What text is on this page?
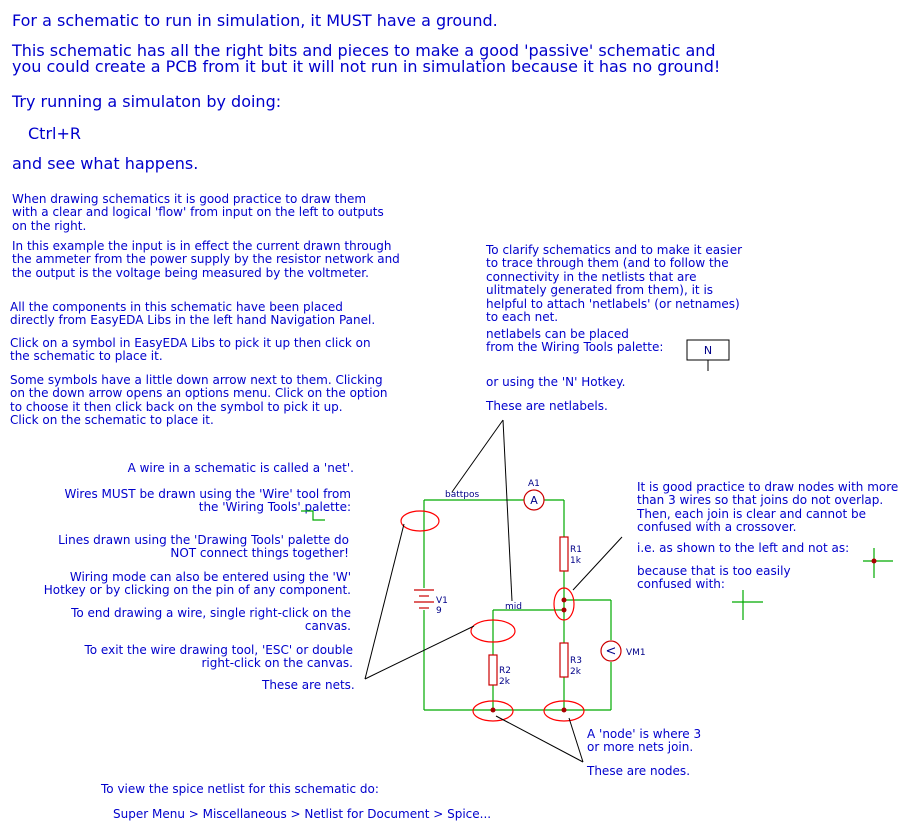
For a schematic to run in simulation, it MUST have a ground.
This schematic has all the right bits and pieces to make a good 'passive' schematic and
you could create a PCB from it but it will not run in simulation because it has no ground!
Try running a simulaton by doing:
Ctrl+R
and see what happens.
When drawing schematics it is good practice to draw them
with a clear and logical 'flow' from input on the left to outputs
on the right.
In this example the input is in effect the current drawn through
the ammeter from the power supply by the resistor network and
the output is the voltage being measured by the voltmeter.
All the components in this schematic have been placed
directly from EasyEDA Libs in the left hand Navigation Panel.
Click on a symbol in EasyEDA Libs to pick it up then click on
the schematic to place it.
Some symbols have a little down arrow next to them. Clicking
on the down arrow opens an options menu. Click on the option
to choose it then click back on the symbol to pick it up.
Click on the schematic to place it.
A wire in a schematic is called a 'net'.
Wires MUST be drawn using the 'Wire' tool from
the 'Wiring Tools' palette:
Lines drawn using the 'Drawing Tools' palette do
NOT connect things together!
Wiring mode can also be entered using the 'W'
Hotkey or by clicking on the pin of any component.
To end drawing a wire, single right-click on the
canvas.
To exit the wire drawing tool, 'ESC' or double
right-click on the canvas.
These are nets.
To clarify schematics and to make it easier
to trace through them (and to follow the
connectivity in the netlists that are
ulitmately generated from them), it is
helpful to attach 'netlabels' (or netnames)
to each net.
netlabels can be placed
from the Wiring Tools palette:
or using the 'N' Hotkey.
These are netlabels.
It is good practice to draw nodes with more
than 3 wires so that joins do not overlap.
Then, each join is clear and cannot be
confused with a crossover.
i.e. as shown to the left and not as:
because that is too easily
confused with:
A 'node' is where 3
or more nets join.
These are nodes.
To view the spice netlist for this schematic do:
Super Menu > Miscellaneous > Netlist for Document > Spice...
A
<
battpos
mid
A1
R1
1k
R2
2k
R3
2k
V1
9
VM1
N
